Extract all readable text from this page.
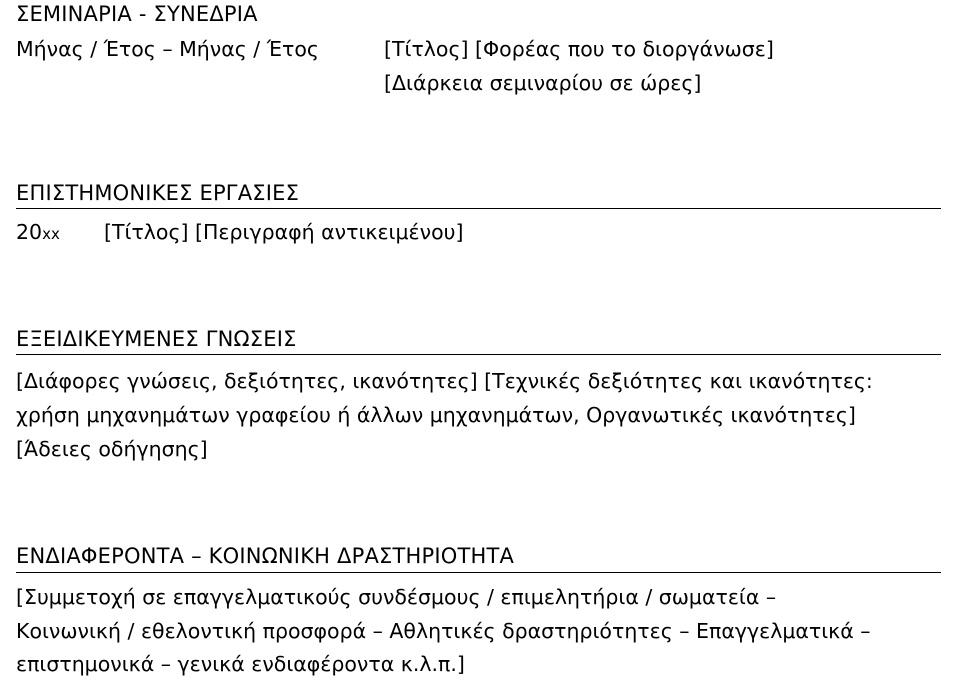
ΣΕΜΙΝΑΡΙΑ - ΣΥΝΕΔΡΙΑ
Μήνας / Έτος – Μήνας / Έτος	[Τίτλος] [Φορέας που το διοργάνωσε]
[Διάρκεια σεμιναρίου σε ώρες]
ΕΠΙΣΤΗΜΟΝΙΚΕΣ ΕΡΓΑΣΙΕΣ
20xx [Τίτλος] [Περιγραφή αντικειμένου]
ΕΞΕΙΔΙΚΕΥΜΕΝΕΣ ΓΝΩΣΕΙΣ
[Διάφορες γνώσεις, δεξιότητες, ικανότητες] [Τεχνικές δεξιότητες και ικανότητες:
χρήση μηχανημάτων γραφείου ή άλλων μηχανημάτων, Οργανωτικές ικανότητες]
[Άδειες οδήγησης]
ΕΝΔΙΑΦΕΡΟΝΤΑ – ΚΟΙΝΩΝΙΚΗ ΔΡΑΣΤΗΡΙΟΤΗΤΑ
[Συμμετοχή σε επαγγελματικούς συνδέσμους / επιμελητήρια / σωματεία –
Κοινωνική / εθελοντική προσφορά – Αθλητικές δραστηριότητες – Επαγγελματικά –
επιστημονικά – γενικά ενδιαφέροντα κ.λ.π.]
